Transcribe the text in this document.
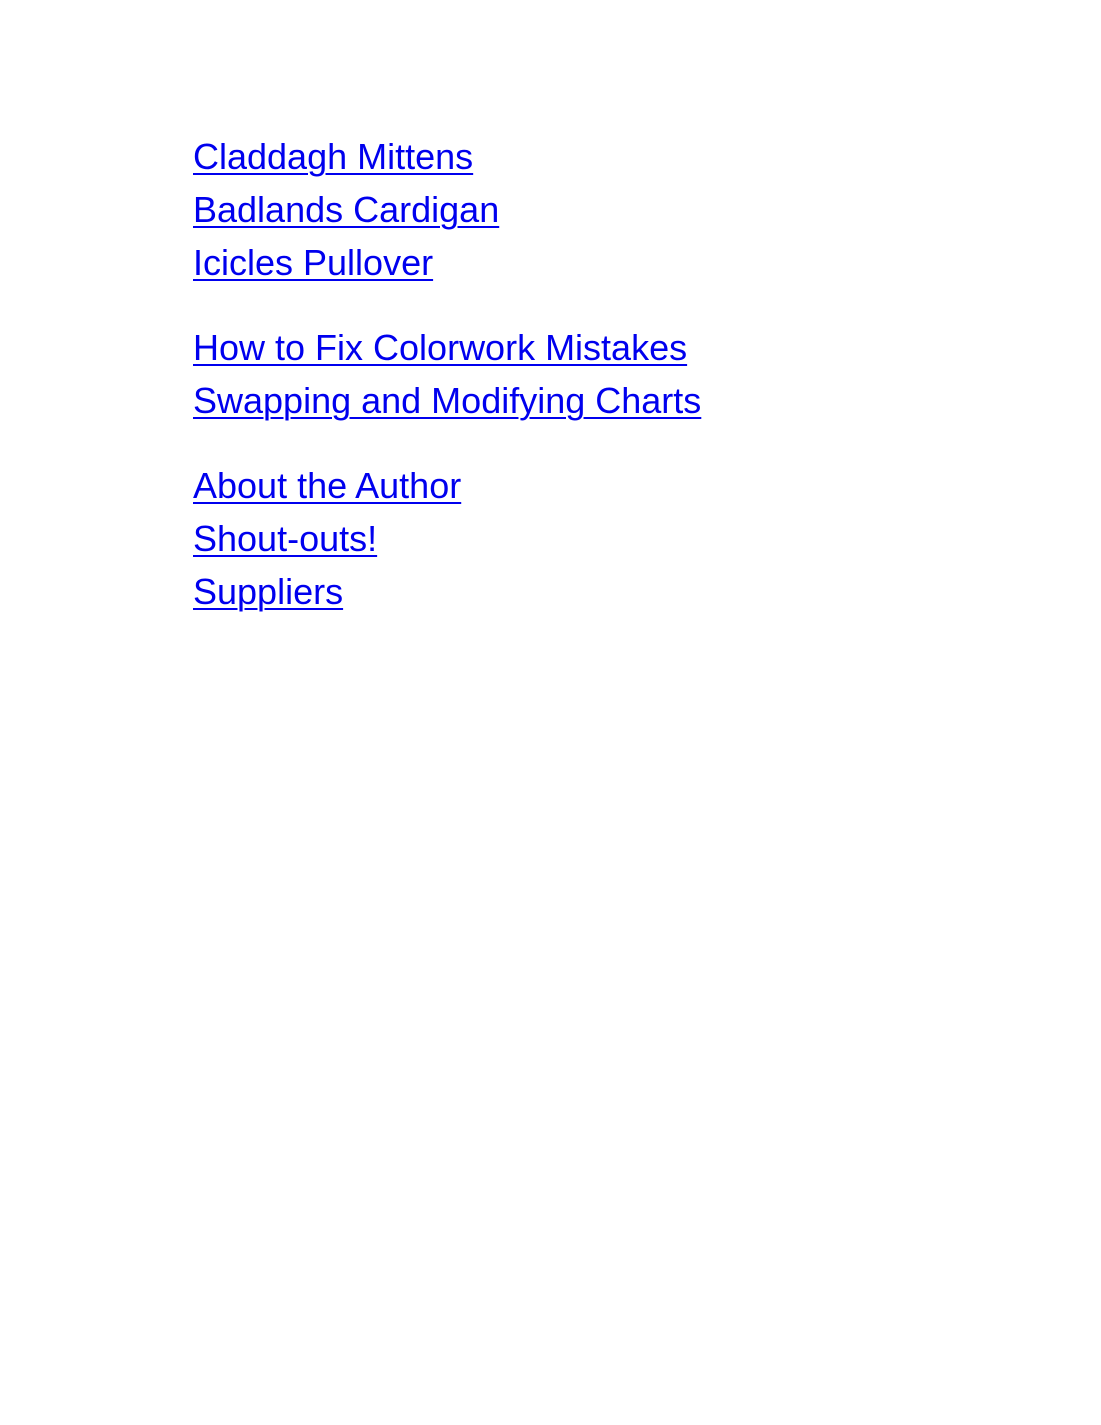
Claddagh Mittens
Badlands Cardigan
Icicles Pullover
How to Fix Colorwork Mistakes
Swapping and Modifying Charts
About the Author
Shout-outs!
Suppliers
